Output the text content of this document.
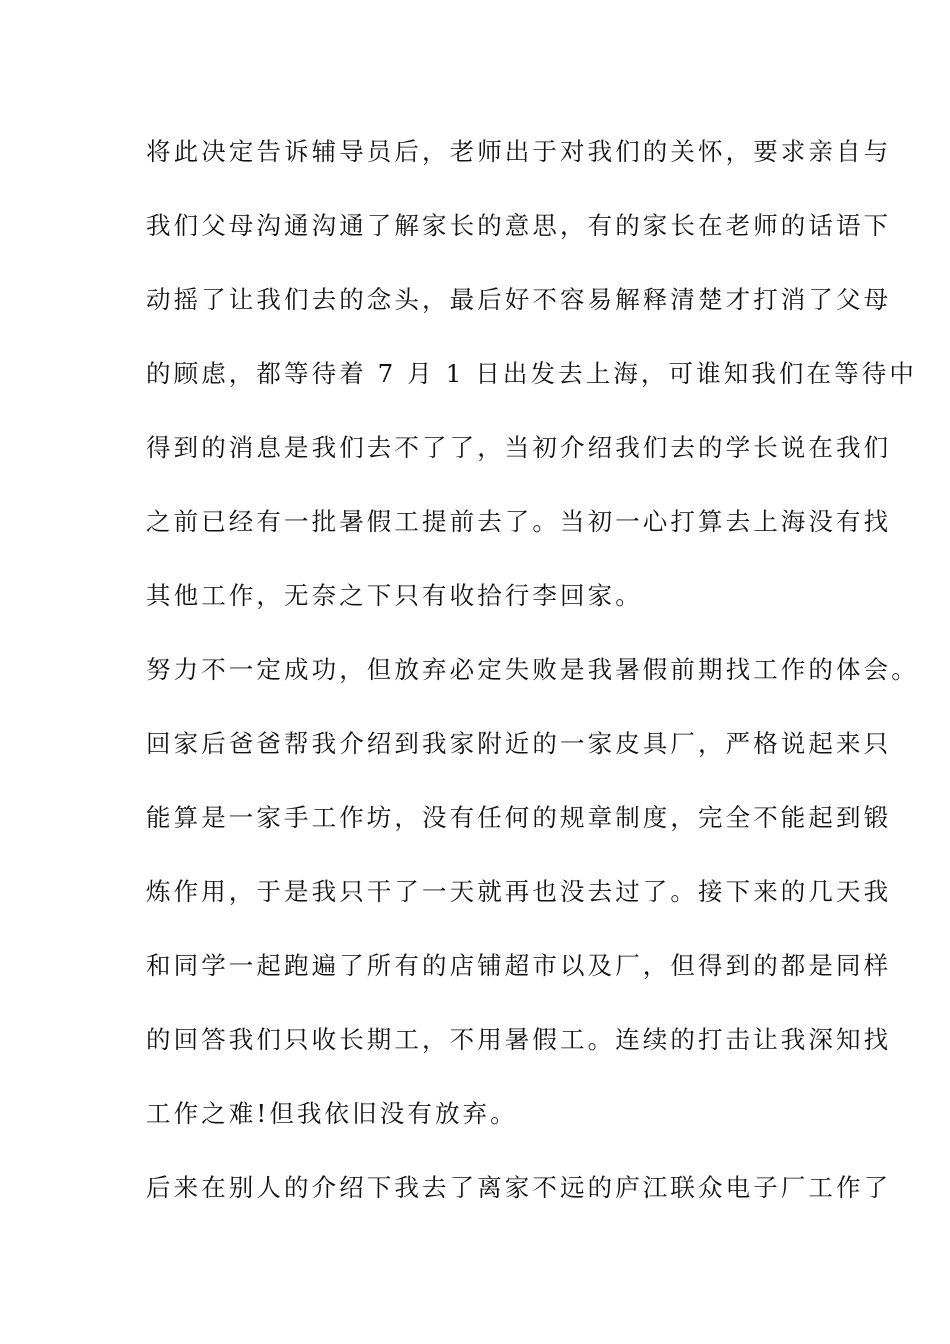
将此决定告诉辅导员后，老师出于对我们的关怀，要求亲自与
我们父母沟通沟通了解家长的意思，有的家长在老师的话语下
动摇了让我们去的念头，最后好不容易解释清楚才打消了父母
的顾虑，都等待着 7 月 1 日出发去上海，可谁知我们在等待中
得到的消息是我们去不了了，当初介绍我们去的学长说在我们
之前已经有一批暑假工提前去了。当初一心打算去上海没有找
其他工作，无奈之下只有收拾行李回家。
努力不一定成功，但放弃必定失败是我暑假前期找工作的体会。
回家后爸爸帮我介绍到我家附近的一家皮具厂，严格说起来只
能算是一家手工作坊，没有任何的规章制度，完全不能起到锻
炼作用，于是我只干了一天就再也没去过了。接下来的几天我
和同学一起跑遍了所有的店铺超市以及厂，但得到的都是同样
的回答我们只收长期工，不用暑假工。连续的打击让我深知找
工作之难!但我依旧没有放弃。
后来在别人的介绍下我去了离家不远的庐江联众电子厂工作了
